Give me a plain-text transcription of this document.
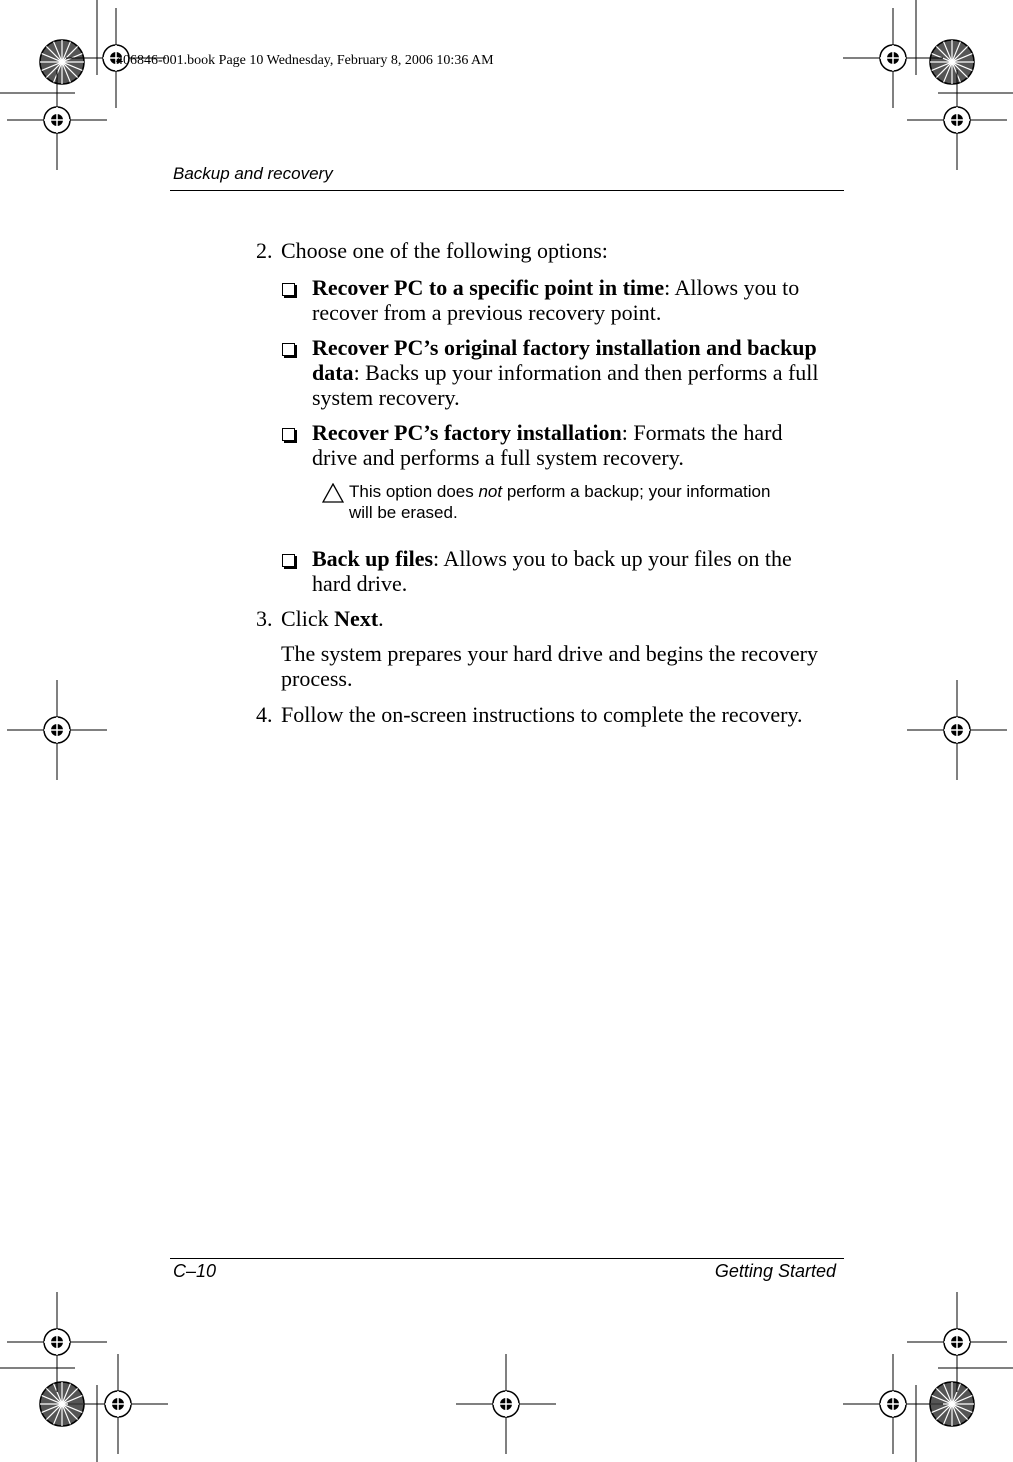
406846-001.book Page 10 Wednesday, February 8, 2006 10:36 AM
Backup and recovery
2. Choose one of the following options:
Recover PC to a specific point in time: Allows you to
recover from a previous recovery point.
Recover PC’s original factory installation and backup
data: Backs up your information and then performs a full
system recovery.
Recover PC’s factory installation: Formats the hard
drive and performs a full system recovery.
This option does not perform a backup; your information
will be erased.
Back up files: Allows you to back up your files on the
hard drive.
3. Click Next.
The system prepares your hard drive and begins the recovery
process.
4. Follow the on-screen instructions to complete the recovery.
C–10	Getting Started
